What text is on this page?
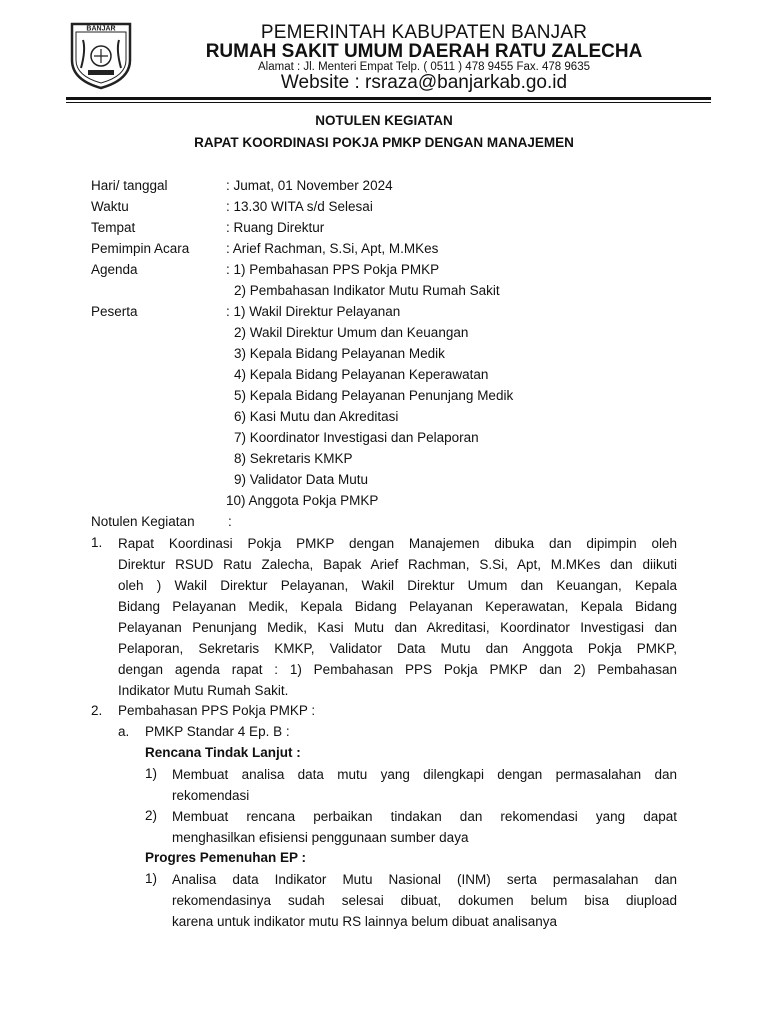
BANJAR	PEMERINTAH KABUPATEN BANJAR
RUMAH SAKIT UMUM DAERAH RATU ZALECHA
Alamat : Jl. Menteri Empat Telp. ( 0511 ) 478 9455 Fax. 478 9635
Website : rsraza@banjarkab.go.id
NOTULEN KEGIATAN
RAPAT KOORDINASI POKJA PMKP DENGAN MANAJEMEN
Hari/ tanggal	: Jumat, 01 November 2024
Waktu	: 13.30 WITA s/d Selesai
Tempat	: Ruang Direktur
Pemimpin Acara	: Arief Rachman, S.Si, Apt, M.MKes
Agenda	: 1) Pembahasan PPS Pokja PMKP
2) Pembahasan Indikator Mutu Rumah Sakit
Peserta	: 1) Wakil Direktur Pelayanan
2) Wakil Direktur Umum dan Keuangan
3) Kepala Bidang Pelayanan Medik
4) Kepala Bidang Pelayanan Keperawatan
5) Kepala Bidang Pelayanan Penunjang Medik
6) Kasi Mutu dan Akreditasi
7) Koordinator Investigasi dan Pelaporan
8) Sekretaris KMKP
9) Validator Data Mutu
10) Anggota Pokja PMKP
Notulen Kegiatan :
1. Rapat Koordinasi Pokja PMKP dengan Manajemen dibuka dan dipimpin oleh
Direktur RSUD Ratu Zalecha, Bapak Arief Rachman, S.Si, Apt, M.MKes dan diikuti
oleh ) Wakil Direktur Pelayanan, Wakil Direktur Umum dan Keuangan, Kepala
Bidang Pelayanan Medik, Kepala Bidang Pelayanan Keperawatan, Kepala Bidang
Pelayanan Penunjang Medik, Kasi Mutu dan Akreditasi, Koordinator Investigasi dan
Pelaporan, Sekretaris KMKP, Validator Data Mutu dan Anggota Pokja PMKP,
dengan agenda rapat : 1) Pembahasan PPS Pokja PMKP dan 2) Pembahasan
Indikator Mutu Rumah Sakit.
2. Pembahasan PPS Pokja PMKP :
a. PMKP Standar 4 Ep. B :
Rencana Tindak Lanjut :
1) Membuat analisa data mutu yang dilengkapi dengan permasalahan dan
rekomendasi
2) Membuat rencana perbaikan tindakan dan rekomendasi yang dapat
menghasilkan efisiensi penggunaan sumber daya
Progres Pemenuhan EP :
1) Analisa data Indikator Mutu Nasional (INM) serta permasalahan dan
rekomendasinya sudah selesai dibuat, dokumen belum bisa diupload
karena untuk indikator mutu RS lainnya belum dibuat analisanya
